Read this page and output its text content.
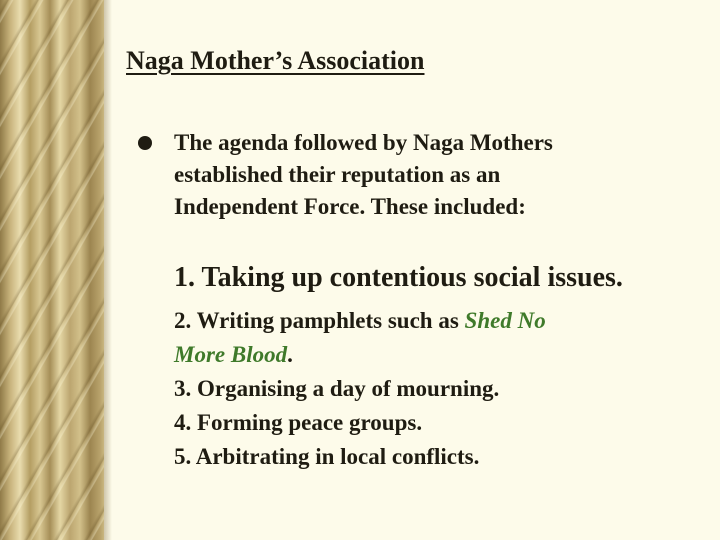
Naga Mother’s Association
The agenda followed by Naga Mothers
established their reputation as an
Independent Force. These included:
1. Taking up contentious social issues.
2. Writing pamphlets such as Shed No
More Blood.
3. Organising a day of mourning.
4. Forming peace groups.
5. Arbitrating in local conflicts.
